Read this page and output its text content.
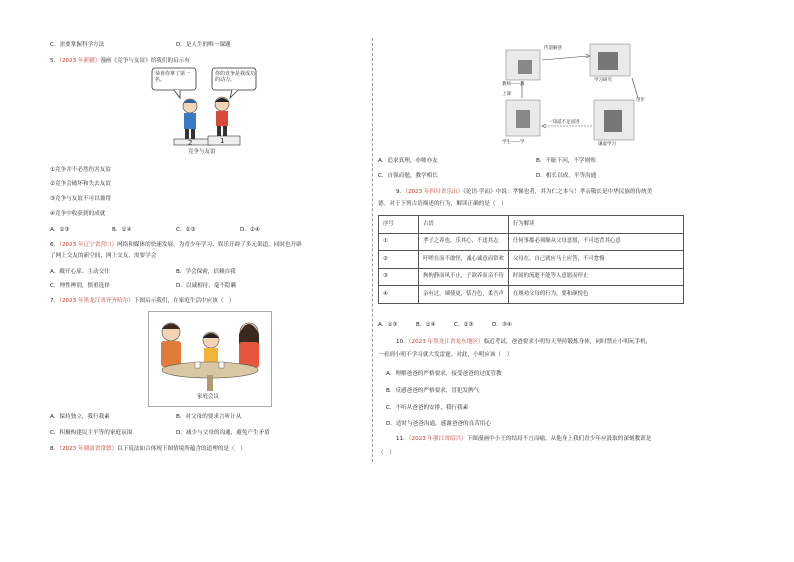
C．需要掌握科学方法	D．是人生的唯一课题
5．（2023 年新疆）漫画《竞争与友谊》给我们的启示有
恭喜你拿了第一名。
你的竞争是我成功的动力。
2	1
竞争与友谊
①竞争并不必然伤害友谊
②竞争会破坏和失去友谊
③竞争与友谊不可以兼得
④竞争中收获到的成就
A．①③	B．①④	C．②③	D．②④
6．（2023 年辽宁省营口）网络和媒体的快速发展，为青少年学习、娱乐开辟了多元渠道，同时也开辟
了网上交友的新空间，网上交友，需要学会
A．敞开心扉、主动交往	B．学会保密，信赖自我
C．理性辨别，慎重选择	D．以诚相待，毫不隐瞒
7．（2023 年黑龙江省齐齐哈尔）下图启示我们，在家庭生活中应该（　）
家庭会议
A．保持独立，我行我素	B．对父母的要求言听计从
C．积极构建民主平等的家庭氛围	D．减少与父母的沟通，避免产生矛盾
8．（2023 年湖南省常德）以下说法如合体现下图情境所蕴含的道理的是（　）
教师——教
上课
学生——学
传道解惑
学习研究
谦虚学习
一知道不足而进
进步
A．追求真理，亦师亦友	B．不耻下问，不学则殆
C．自强而勉，教学相长	D．相长以成，平等沟通
9．（2023 年四川省乐山）《论语·学而》中说：孝悌也者，其为仁之本与！孝亲敬长是中华民族的传统美
德。对于下列古语描述的行为，解读正确的是（　）
序号	古语	行为解读
①	孝子之养也，乐其心，不违其志	任何事都必须顺从父母意愿，不可违背其心意
②	吁嗟在而不敢怪，诚心诚意而常欢	父母在，自己就应马上应答，不可怠慢
③	拘拘静而风不止，子欲养而亲不待	时间的流逝不能等人意愿而停止
④	亲有过，谏使更，恬吾色，柔吾声	在规劝父母的行为，要和颜悦色
A．①③	B．①④	C．②③	D．③④
10．（2023 年黑龙江省龙东地区）临近考试，爸爸要求小明每天坚持锻炼身体，同时禁止小明玩手机，
一看到小明不学习就大发雷霆。对此，小明应该（　）
A．理解爸爸的严格要求，接受爸爸的过度管教
B．反感爸爸的严格要求，冒犯发脾气
C．不听从爸爸的安排，我行我素
D．适时与爸爸沟通，感谢爸爸的良苦用心
11．（2023 年浙江省绍兴）下图漫画中小王的结局不言而喻，从他身上我们青少年应汲取的深刻教训是
（　）
